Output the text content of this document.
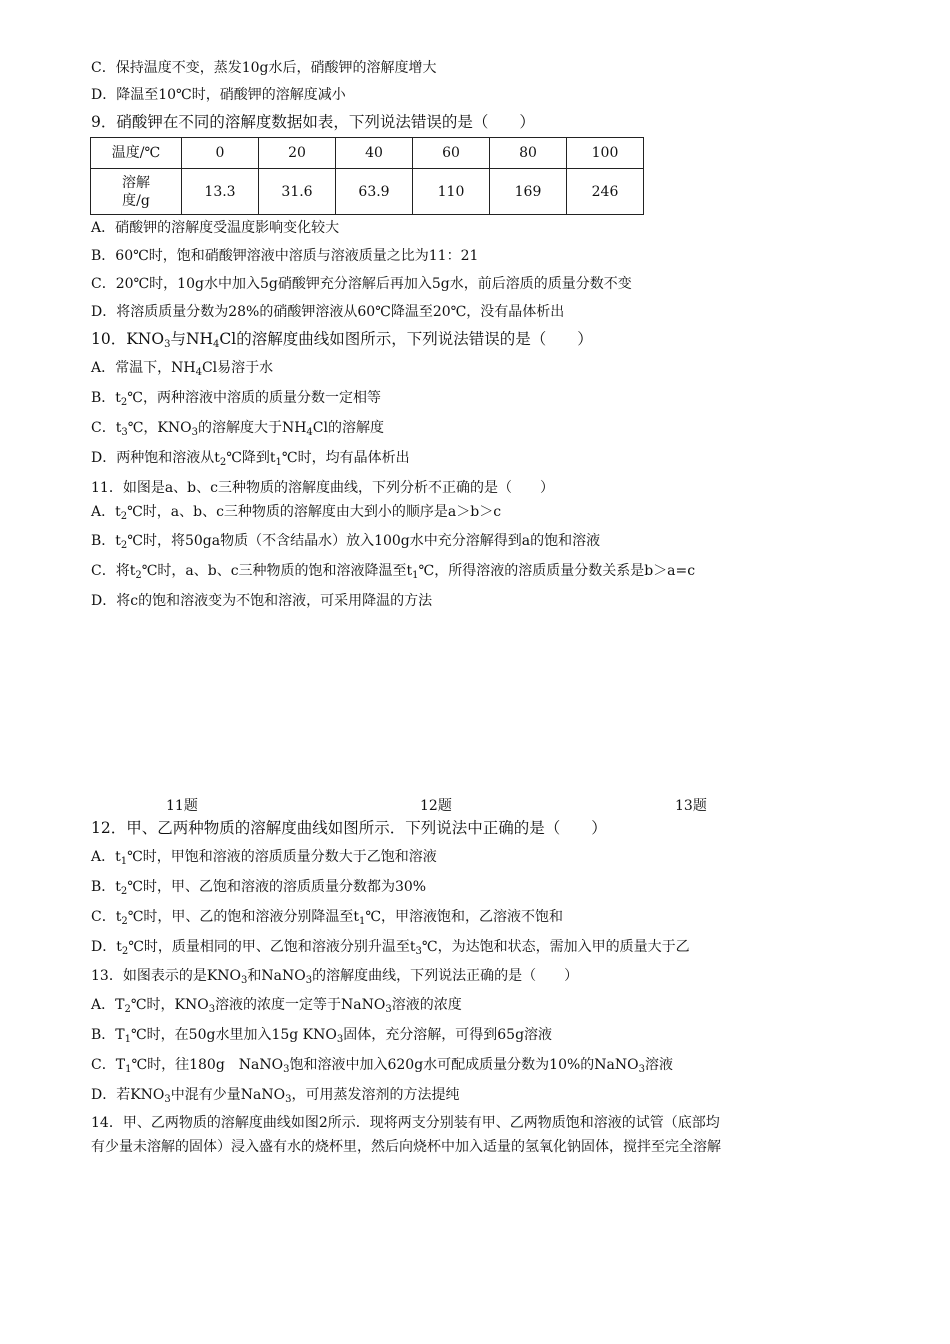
C．保持温度不变，蒸发10g水后，硝酸钾的溶解度增大
D．降温至10℃时，硝酸钾的溶解度减小
9．硝酸钾在不同的溶解度数据如表，下列说法错误的是（　　）
温度/℃	0	20	40	60	80	100
溶解
度/g	13.3	31.6	63.9	110	169	246
A．硝酸钾的溶解度受温度影响变化较大
B．60℃时，饱和硝酸钾溶液中溶质与溶液质量之比为11：21
C．20℃时，10g水中加入5g硝酸钾充分溶解后再加入5g水，前后溶质的质量分数不变
D．将溶质质量分数为28%的硝酸钾溶液从60℃降温至20℃，没有晶体析出
10．$KNO_3$与$NH_4Cl$的溶解度曲线如图所示，下列说法错误的是（　　）
A．常温下，$NH_4Cl$易溶于水
B．$t_2℃$，两种溶液中溶质的质量分数一定相等
C．$t_3℃$，$KNO_3$的溶解度大于$NH_4Cl$的溶解度
D．两种饱和溶液从$t_2℃$降到$t_1℃$时，均有晶体析出
11．如图是a、b、c三种物质的溶解度曲线，下列分析不正确的是（　　）
A．$t_2℃$时，a、b、c三种物质的溶解度由大到小的顺序是a＞b＞c
B．$t_2℃$时，将50ga物质（不含结晶水）放入100g水中充分溶解得到a的饱和溶液
C．将$t_2℃$时，a、b、c三种物质的饱和溶液降温至$t_1℃$，所得溶液的溶质质量分数关系是b＞a=c
D．将c的饱和溶液变为不饱和溶液，可采用降温的方法
11题	12题	13题
12．甲、乙两种物质的溶解度曲线如图所示．下列说法中正确的是（　　）
A．$t_1℃$时，甲饱和溶液的溶质质量分数大于乙饱和溶液
B．$t_2℃$时，甲、乙饱和溶液的溶质质量分数都为30%
C．$t_2℃$时，甲、乙的饱和溶液分别降温至$t_1℃$，甲溶液饱和，乙溶液不饱和
D．$t_2℃$时，质量相同的甲、乙饱和溶液分别升温至$t_3℃$，为达饱和状态，需加入甲的质量大于乙
13．如图表示的是$KNO_3$和NaNO$_3$的溶解度曲线，下列说法正确的是（　　）
A．$T_2℃$时，$KNO_3$溶液的浓度一定等于NaNO$_3$溶液的浓度
B．$T_1℃$时，在50g水里加入15g $KNO_3$固体，充分溶解，可得到65g溶液
C．$T_1℃$时，往180g　NaNO$_3$饱和溶液中加入620g水可配成质量分数为10%的NaNO$_3$溶液
D．若$KNO_3$中混有少量NaNO$_3$，可用蒸发溶剂的方法提纯
14．甲、乙两物质的溶解度曲线如图2所示．现将两支分别装有甲、乙两物质饱和溶液的试管（底部均
有少量未溶解的固体）浸入盛有水的烧杯里，然后向烧杯中加入适量的氢氧化钠固体，搅拌至完全溶解
